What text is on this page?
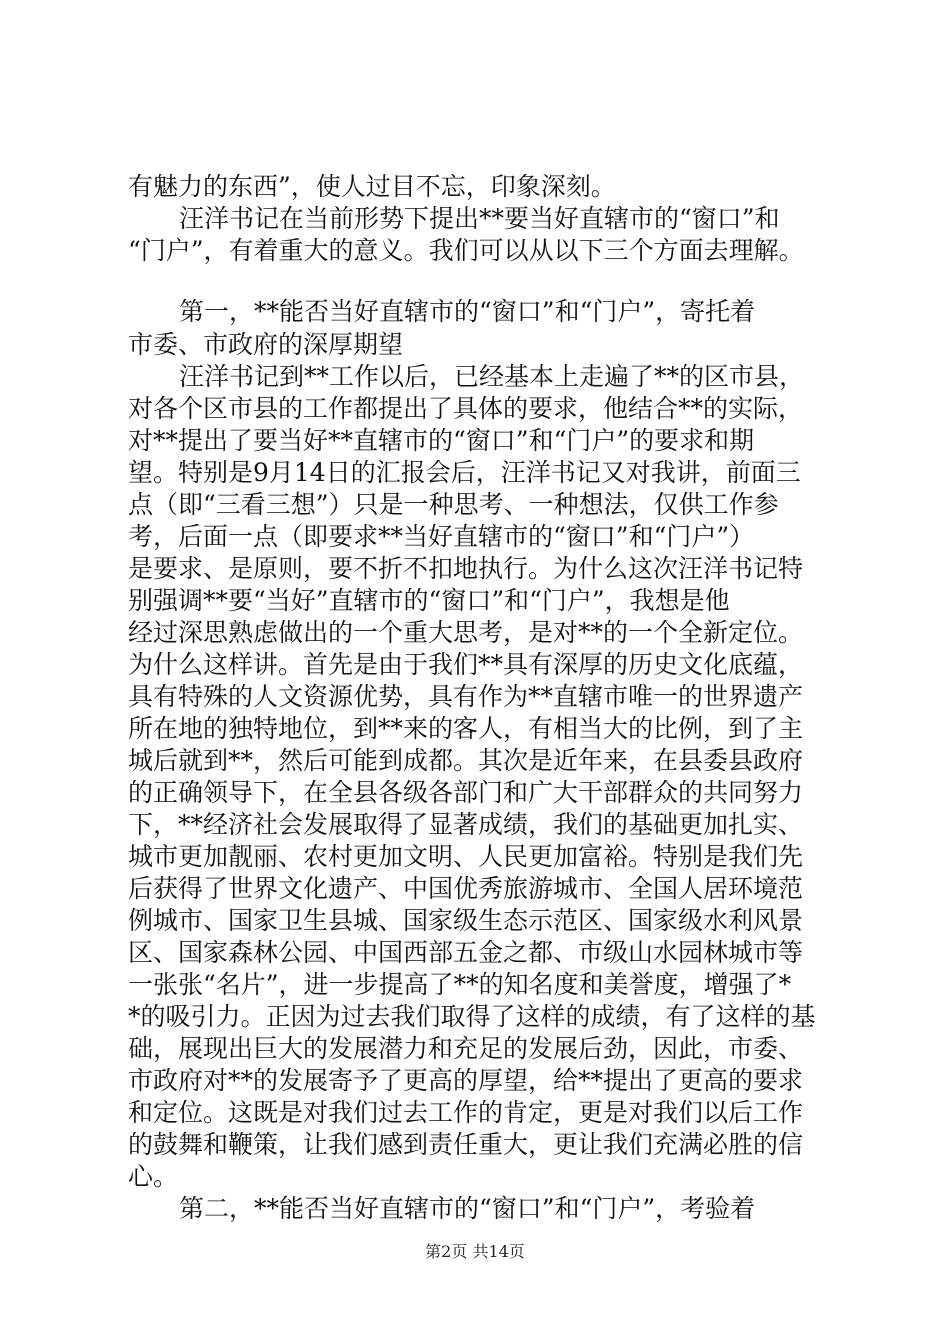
有魅力的东西”，使人过目不忘，印象深刻。
汪洋书记在当前形势下提出**要当好直辖市的“窗口”和
“门户”，有着重大的意义。我们可以从以下三个方面去理解。
第一，**能否当好直辖市的“窗口”和“门户”，寄托着
市委、市政府的深厚期望
汪洋书记到**工作以后，已经基本上走遍了**的区市县，
对各个区市县的工作都提出了具体的要求，他结合**的实际，
对**提出了要当好**直辖市的“窗口”和“门户”的要求和期
望。特别是9月14日的汇报会后，汪洋书记又对我讲，前面三
点（即“三看三想”）只是一种思考、一种想法，仅供工作参
考，后面一点（即要求**当好直辖市的“窗口”和“门户”）
是要求、是原则，要不折不扣地执行。为什么这次汪洋书记特
别强调**要“当好”直辖市的“窗口”和“门户”，我想是他
经过深思熟虑做出的一个重大思考，是对**的一个全新定位。
为什么这样讲。首先是由于我们**具有深厚的历史文化底蕴，
具有特殊的人文资源优势，具有作为**直辖市唯一的世界遗产
所在地的独特地位，到**来的客人，有相当大的比例，到了主
城后就到**，然后可能到成都。其次是近年来，在县委县政府
的正确领导下，在全县各级各部门和广大干部群众的共同努力
下，**经济社会发展取得了显著成绩，我们的基础更加扎实、
城市更加靓丽、农村更加文明、人民更加富裕。特别是我们先
后获得了世界文化遗产、中国优秀旅游城市、全国人居环境范
例城市、国家卫生县城、国家级生态示范区、国家级水利风景
区、国家森林公园、中国西部五金之都、市级山水园林城市等
一张张“名片”，进一步提高了**的知名度和美誉度，增强了*
*的吸引力。正因为过去我们取得了这样的成绩，有了这样的基
础，展现出巨大的发展潜力和充足的发展后劲，因此，市委、
市政府对**的发展寄予了更高的厚望，给**提出了更高的要求
和定位。这既是对我们过去工作的肯定，更是对我们以后工作
的鼓舞和鞭策，让我们感到责任重大，更让我们充满必胜的信
心。
第二，**能否当好直辖市的“窗口”和“门户”，考验着
第2页 共14页
